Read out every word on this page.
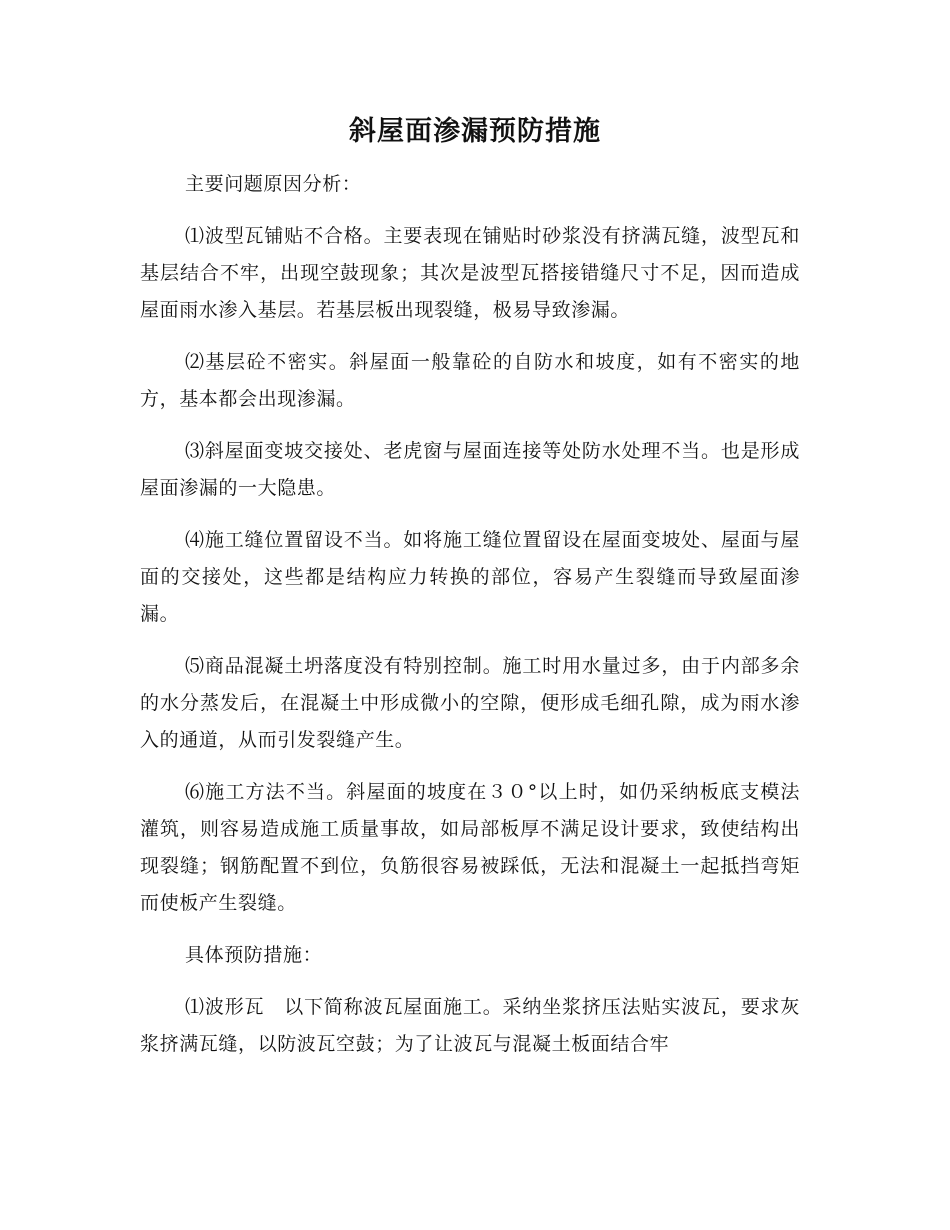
斜屋面渗漏预防措施

主要问题原因分析：

⑴波型瓦铺贴不合格。主要表现在铺贴时砂浆没有挤满瓦缝，波型瓦和基层结合不牢，出现空鼓现象；其次是波型瓦搭接错缝尺寸不足，因而造成屋面雨水渗入基层。若基层板出现裂缝，极易导致渗漏。

⑵基层砼不密实。斜屋面一般靠砼的自防水和坡度，如有不密实的地方，基本都会出现渗漏。

⑶斜屋面变坡交接处、老虎窗与屋面连接等处防水处理不当。也是形成屋面渗漏的一大隐患。

⑷施工缝位置留设不当。如将施工缝位置留设在屋面变坡处、屋面与屋面的交接处，这些都是结构应力转换的部位，容易产生裂缝而导致屋面渗漏。

⑸商品混凝土坍落度没有特别控制。施工时用水量过多，由于内部多余的水分蒸发后，在混凝土中形成微小的空隙，便形成毛细孔隙，成为雨水渗入的通道，从而引发裂缝产生。

⑹施工方法不当。斜屋面的坡度在３０°以上时，如仍采纳板底支模法灌筑，则容易造成施工质量事故，如局部板厚不满足设计要求，致使结构出现裂缝；钢筋配置不到位，负筋很容易被踩低，无法和混凝土一起抵挡弯矩而使板产生裂缝。

具体预防措施：

⑴波形瓦　以下简称波瓦屋面施工。采纳坐浆挤压法贴实波瓦，要求灰浆挤满瓦缝，以防波瓦空鼓；为了让波瓦与混凝土板面结合牢
